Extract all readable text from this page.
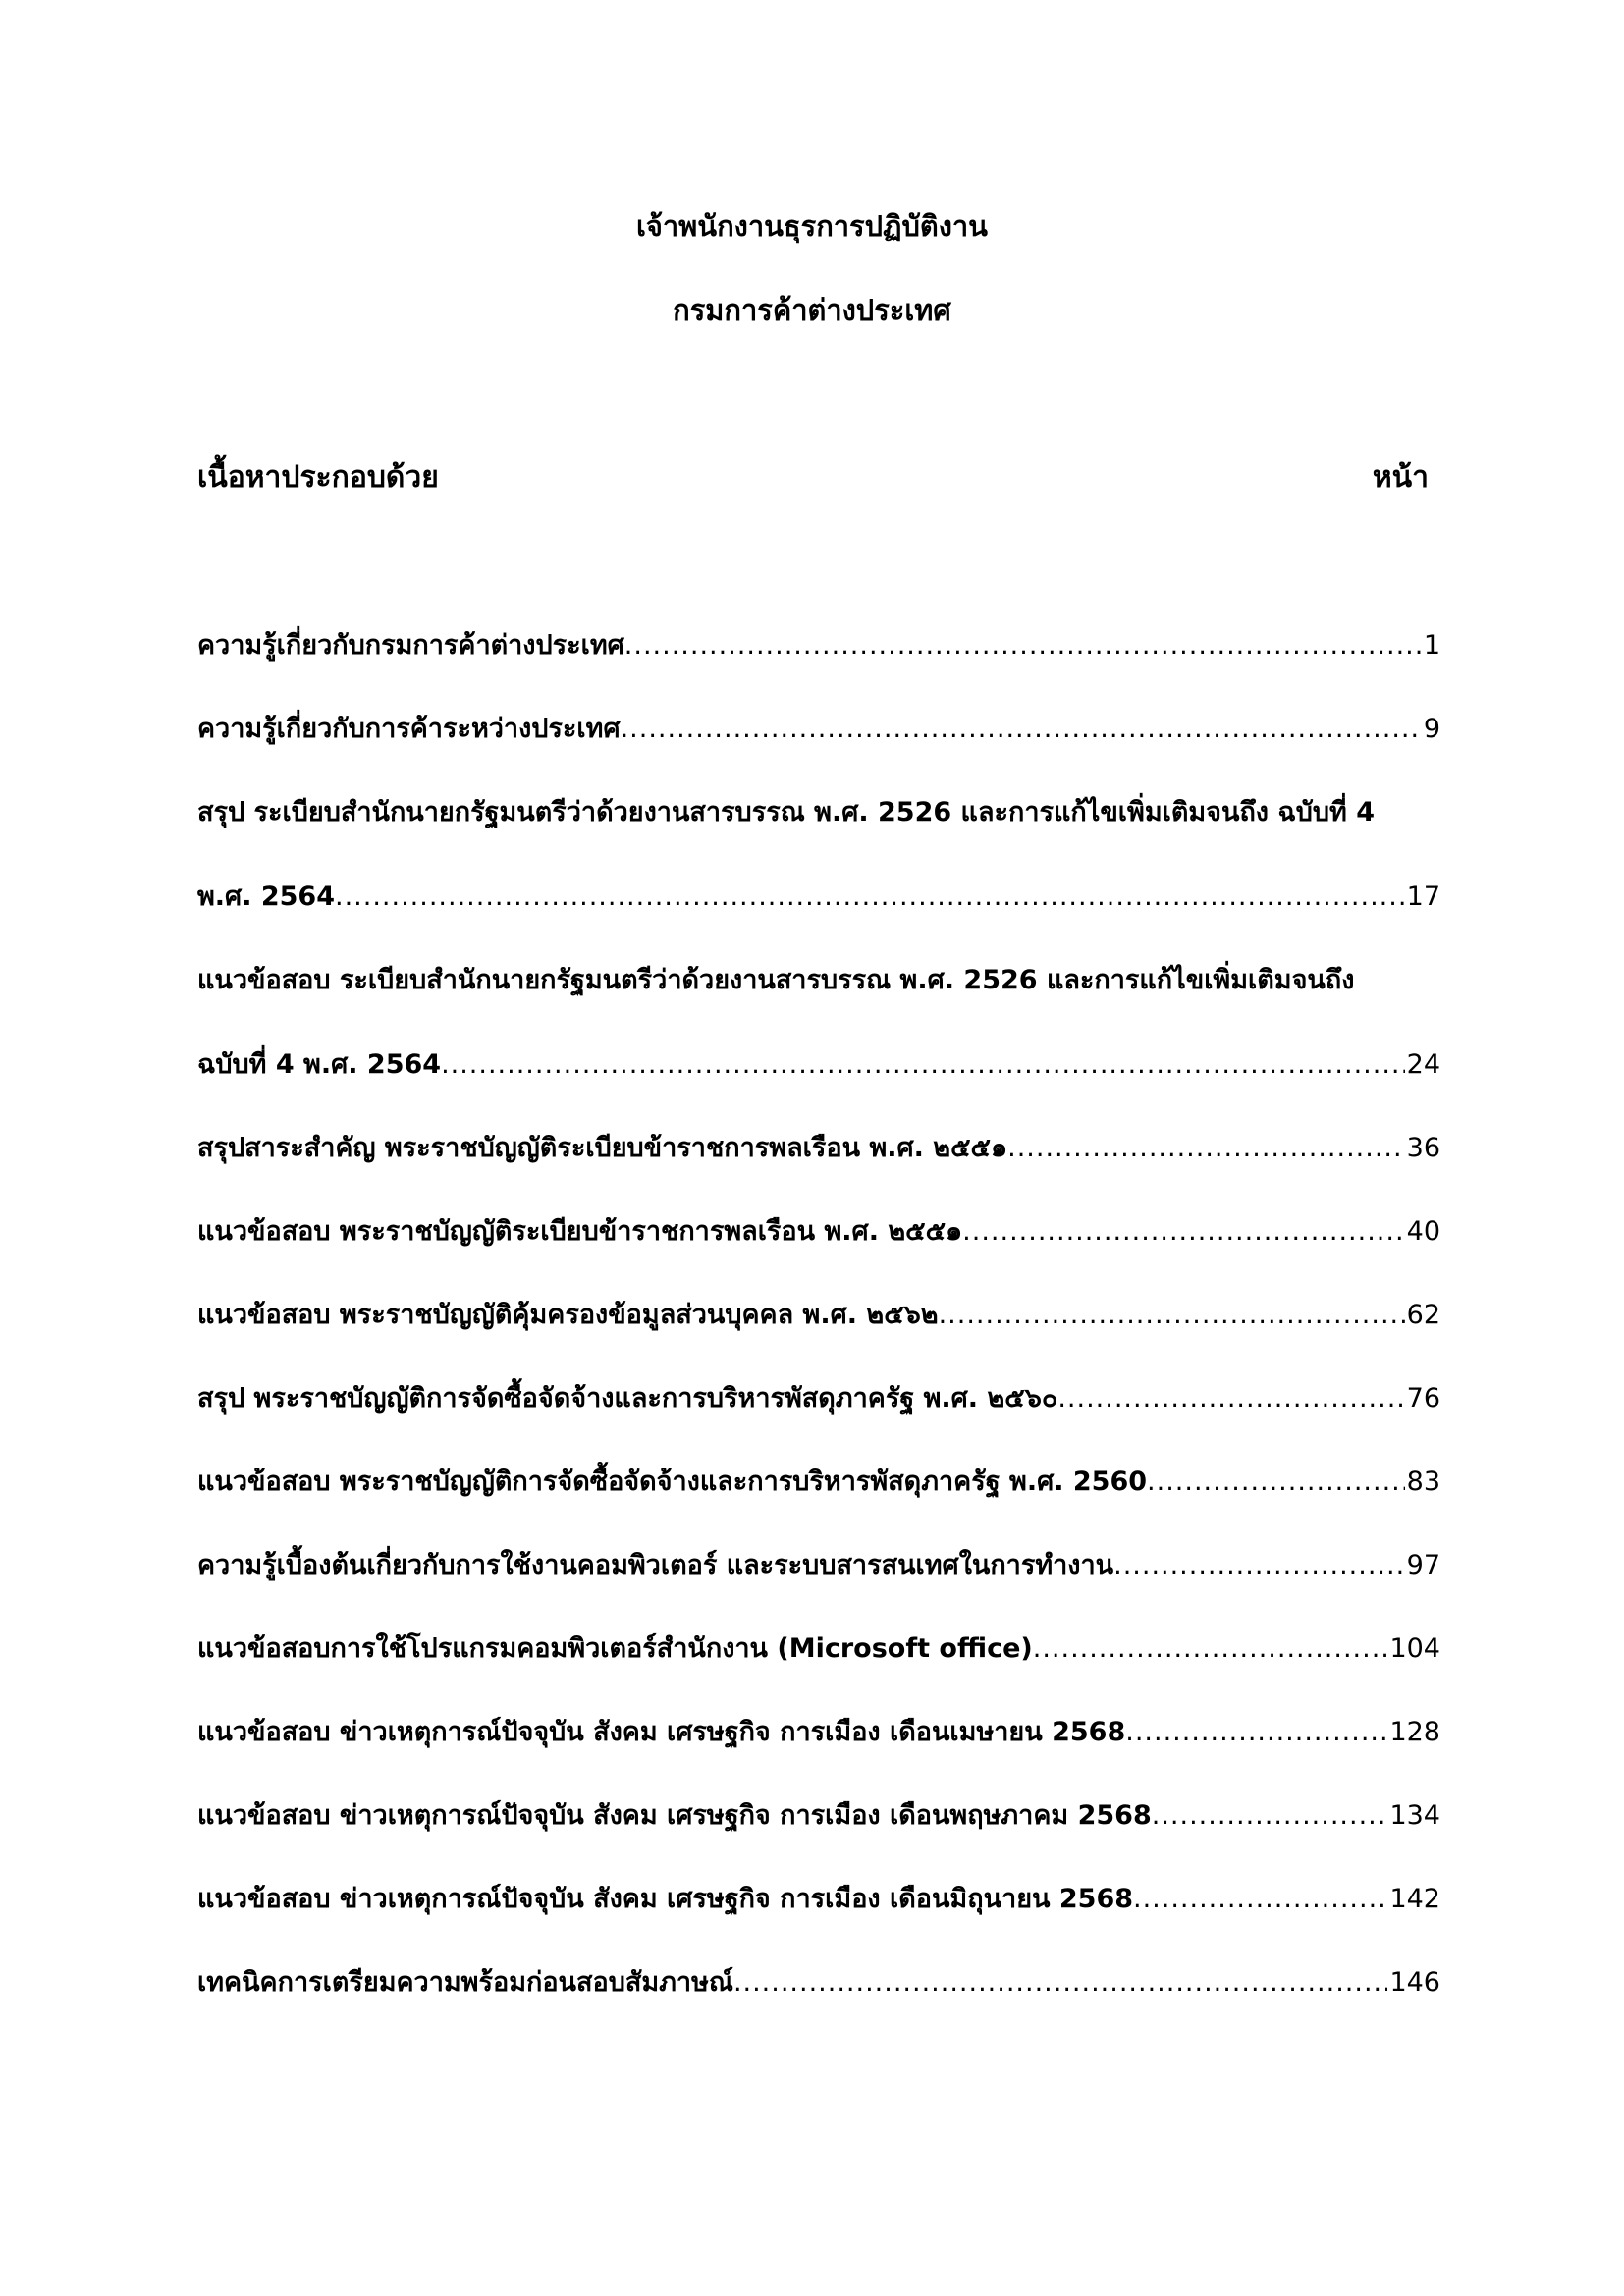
เจ้าพนักงานธุรการปฏิบัติงาน
กรมการค้าต่างประเทศ
เนื้อหาประกอบด้วย	หน้า
ความรู้เกี่ยวกับกรมการค้าต่างประเทศ .....	1
ความรู้เกี่ยวกับการค้าระหว่างประเทศ .....	9
สรุป ระเบียบสำนักนายกรัฐมนตรีว่าด้วยงานสารบรรณ พ.ศ. 2526 และการแก้ไขเพิ่มเติมจนถึง ฉบับที่ 4
พ.ศ. 2564 .....	17
แนวข้อสอบ ระเบียบสำนักนายกรัฐมนตรีว่าด้วยงานสารบรรณ พ.ศ. 2526 และการแก้ไขเพิ่มเติมจนถึง
ฉบับที่ 4 พ.ศ. 2564 .....	24
สรุปสาระสำคัญ พระราชบัญญัติระเบียบข้าราชการพลเรือน พ.ศ. ๒๕๕๑ .....	36
แนวข้อสอบ พระราชบัญญัติระเบียบข้าราชการพลเรือน พ.ศ. ๒๕๕๑ .....	40
แนวข้อสอบ พระราชบัญญัติคุ้มครองข้อมูลส่วนบุคคล พ.ศ. ๒๕๖๒ .....	62
สรุป พระราชบัญญัติการจัดซื้อจัดจ้างและการบริหารพัสดุภาครัฐ พ.ศ. ๒๕๖๐ .....	76
แนวข้อสอบ พระราชบัญญัติการจัดซื้อจัดจ้างและการบริหารพัสดุภาครัฐ พ.ศ. 2560 .....	83
ความรู้เบื้องต้นเกี่ยวกับการใช้งานคอมพิวเตอร์ และระบบสารสนเทศในการทำงาน .....	97
แนวข้อสอบการใช้โปรแกรมคอมพิวเตอร์สำนักงาน (Microsoft office) .....	104
แนวข้อสอบ ข่าวเหตุการณ์ปัจจุบัน สังคม เศรษฐกิจ การเมือง เดือนเมษายน 2568 .....	128
แนวข้อสอบ ข่าวเหตุการณ์ปัจจุบัน สังคม เศรษฐกิจ การเมือง เดือนพฤษภาคม 2568 .....	134
แนวข้อสอบ ข่าวเหตุการณ์ปัจจุบัน สังคม เศรษฐกิจ การเมือง เดือนมิถุนายน 2568 .....	142
เทคนิคการเตรียมความพร้อมก่อนสอบสัมภาษณ์ .....	146
